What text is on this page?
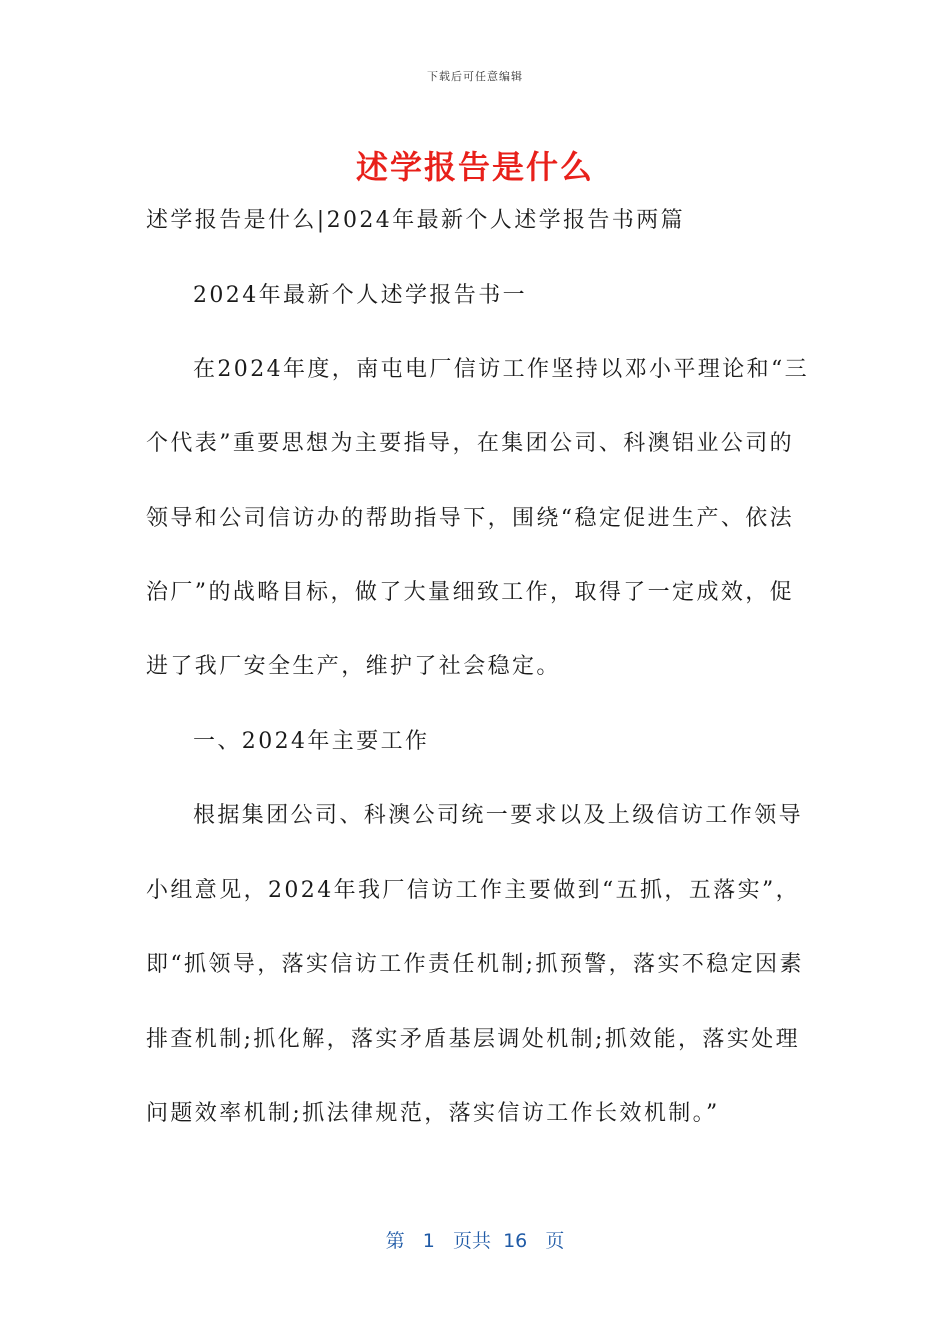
下载后可任意编辑
述学报告是什么
述学报告是什么|2024年最新个人述学报告书两篇
2024年最新个人述学报告书一
在2024年度，南屯电厂信访工作坚持以邓小平理论和“三
个代表”重要思想为主要指导，在集团公司、科澳铝业公司的
领导和公司信访办的帮助指导下，围绕“稳定促进生产、依法
治厂”的战略目标，做了大量细致工作，取得了一定成效，促
进了我厂安全生产，维护了社会稳定。
一、2024年主要工作
根据集团公司、科澳公司统一要求以及上级信访工作领导
小组意见，2024年我厂信访工作主要做到“五抓，五落实”，
即“抓领导，落实信访工作责任机制;抓预警，落实不稳定因素
排查机制;抓化解，落实矛盾基层调处机制;抓效能，落实处理
问题效率机制;抓法律规范，落实信访工作长效机制。”
第 1 页共 16 页
